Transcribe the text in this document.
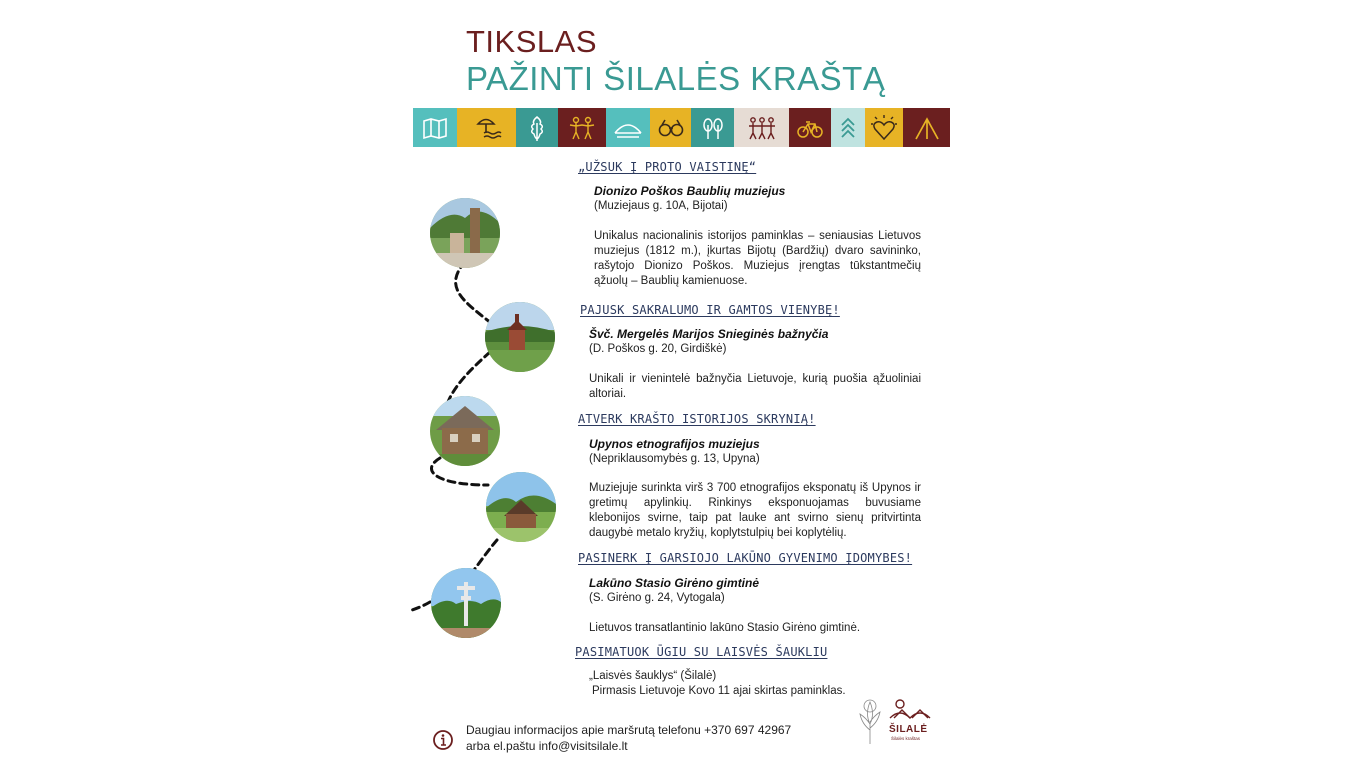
TIKSLAS
PAŽINTI ŠILALĖS KRAŠTĄ
„UŽSUK Į PROTO VAISTINĘ“
Dionizo Poškos Baublių muziejus
(Muziejaus g. 10A, Bijotai)
Unikalus nacionalinis istorijos paminklas – seniausias Lietuvos muziejus (1812 m.), įkurtas Bijotų (Bardžių) dvaro savininko, rašytojo Dionizo Poškos. Muziejus įrengtas tūkstantmečių ąžuolų – Baublių kamienuose.
PAJUSK SAKRALUMO IR GAMTOS VIENYBĘ!
Švč. Mergelės Marijos Snieginės bažnyčia
(D. Poškos g. 20, Girdiškė)
Unikali ir vienintelė bažnyčia Lietuvoje, kurią puošia ąžuoliniai altoriai.
ATVERK KRAŠTO ISTORIJOS SKRYNIĄ!
Upynos etnografijos muziejus
(Nepriklausomybės g. 13, Upyna)
Muziejuje surinkta virš 3 700 etnografijos eksponatų iš Upynos ir gretimų apylinkių. Rinkinys eksponuojamas buvusiame klebonijos svirne, taip pat lauke ant svirno sienų pritvirtinta daugybė metalo kryžių, koplytstulpių bei koplytėlių.
PASINERK Į GARSIOJO LAKŪNO GYVENIMO ĮDOMYBES!
Lakūno Stasio Girėno gimtinė
(S. Girėno g. 24, Vytogala)
Lietuvos transatlantinio lakūno Stasio Girėno gimtinė.
PASIMATUOK ŪGIU SU LAISVĖS ŠAUKLIU
„Laisvės šauklys“ (Šilalė)
Pirmasis Lietuvoje Kovo 11 ajai skirtas paminklas.
Daugiau informacijos apie maršrutą telefonu +370 697 42967
arba el.paštu info@visitsilale.lt
ŠILALĖ
Šilalės kraštas
